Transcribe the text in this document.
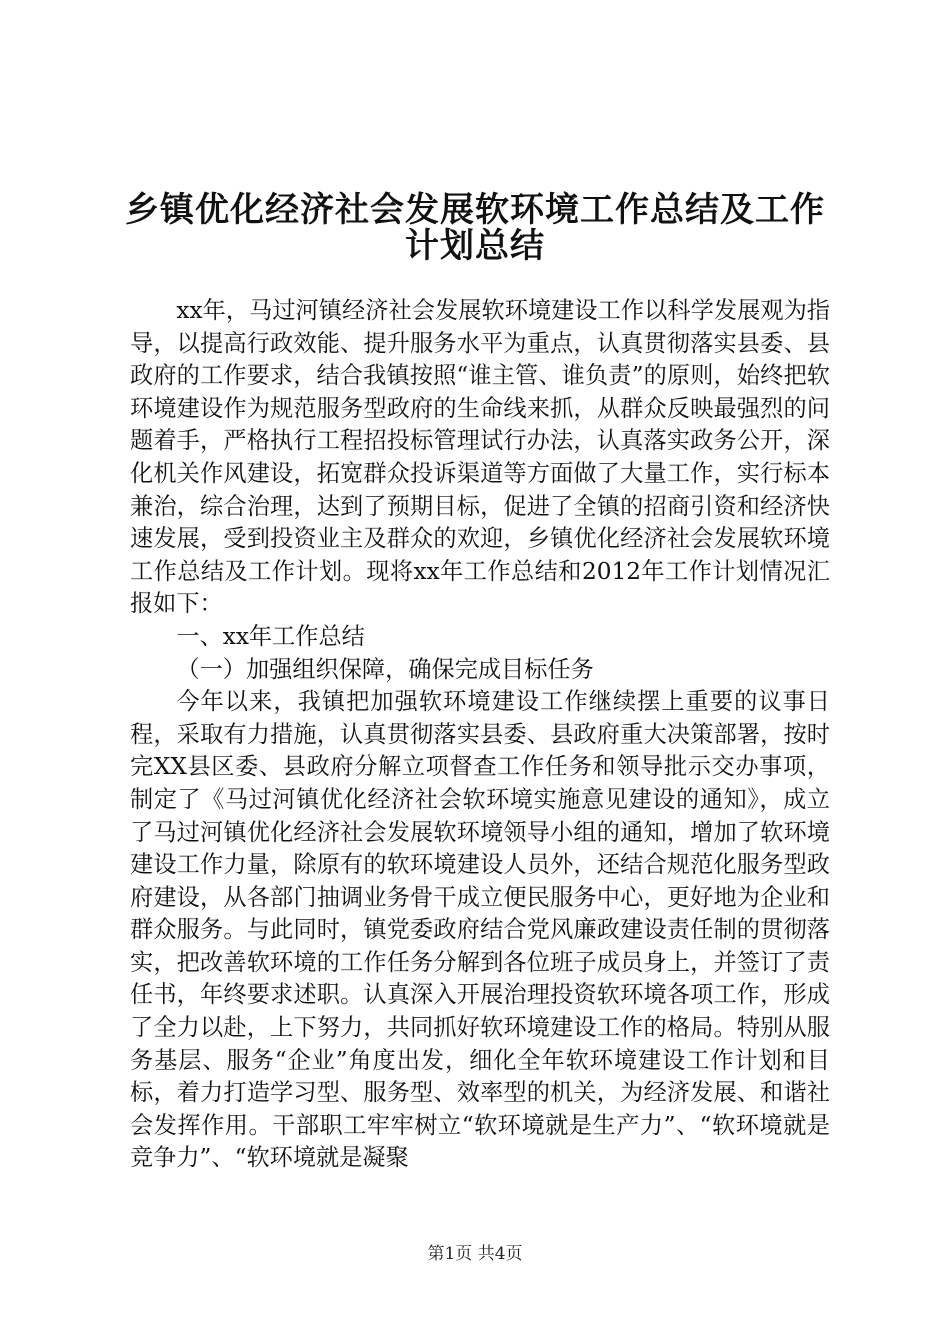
乡镇优化经济社会发展软环境工作总结及工作
计划总结

xx年，马过河镇经济社会发展软环境建设工作以科学发展观为指导，以提高行政效能、提升服务水平为重点，认真贯彻落实县委、县政府的工作要求，结合我镇按照“谁主管、谁负责”的原则，始终把软环境建设作为规范服务型政府的生命线来抓，从群众反映最强烈的问题着手，严格执行工程招投标管理试行办法，认真落实政务公开，深化机关作风建设，拓宽群众投诉渠道等方面做了大量工作，实行标本兼治，综合治理，达到了预期目标，促进了全镇的招商引资和经济快速发展，受到投资业主及群众的欢迎，乡镇优化经济社会发展软环境工作总结及工作计划。现将xx年工作总结和2012年工作计划情况汇报如下：

一、xx年工作总结

（一）加强组织保障，确保完成目标任务

今年以来，我镇把加强软环境建设工作继续摆上重要的议事日程，采取有力措施，认真贯彻落实县委、县政府重大决策部署，按时完XX县区委、县政府分解立项督查工作任务和领导批示交办事项，制定了《马过河镇优化经济社会软环境实施意见建设的通知》，成立了马过河镇优化经济社会发展软环境领导小组的通知，增加了软环境建设工作力量，除原有的软环境建设人员外，还结合规范化服务型政府建设，从各部门抽调业务骨干成立便民服务中心，更好地为企业和群众服务。与此同时，镇党委政府结合党风廉政建设责任制的贯彻落实，把改善软环境的工作任务分解到各位班子成员身上，并签订了责任书，年终要求述职。认真深入开展治理投资软环境各项工作，形成了全力以赴，上下努力，共同抓好软环境建设工作的格局。特别从服务基层、服务“企业”角度出发，细化全年软环境建设工作计划和目标，着力打造学习型、服务型、效率型的机关，为经济发展、和谐社会发挥作用。干部职工牢牢树立“软环境就是生产力”、“软环境就是竞争力”、“软环境就是凝聚

第1页 共4页
